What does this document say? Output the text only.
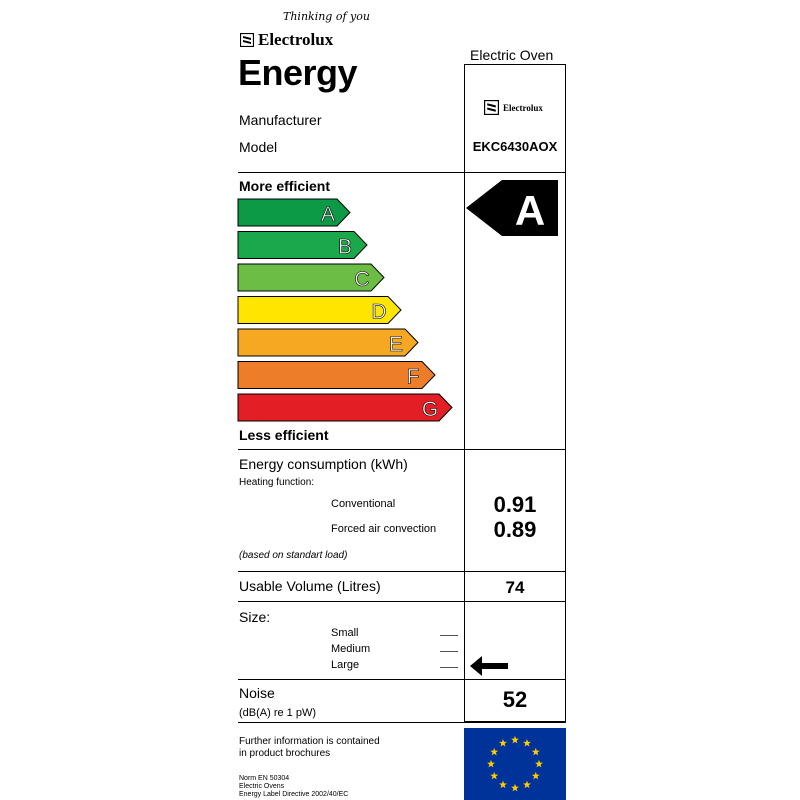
Thinking of you
Electrolux
Energy	Electric Oven
Manufacturer
Model
Electrolux
EKC6430AOX
More efficient
A
B
C
D
E
F
G
Less efficient
A
Energy consumption (kWh)
Heating function:
Conventional
Forced air convection
(based on standart load)
0.91
0.89
Usable Volume (Litres)	74
Size:
Small
Medium
Large
Noise
(dB(A) re 1 pW)
52
Further information is contained
in product brochures
Norm EN 50304
Electric Ovens
Energy Label Directive 2002/40/EC
